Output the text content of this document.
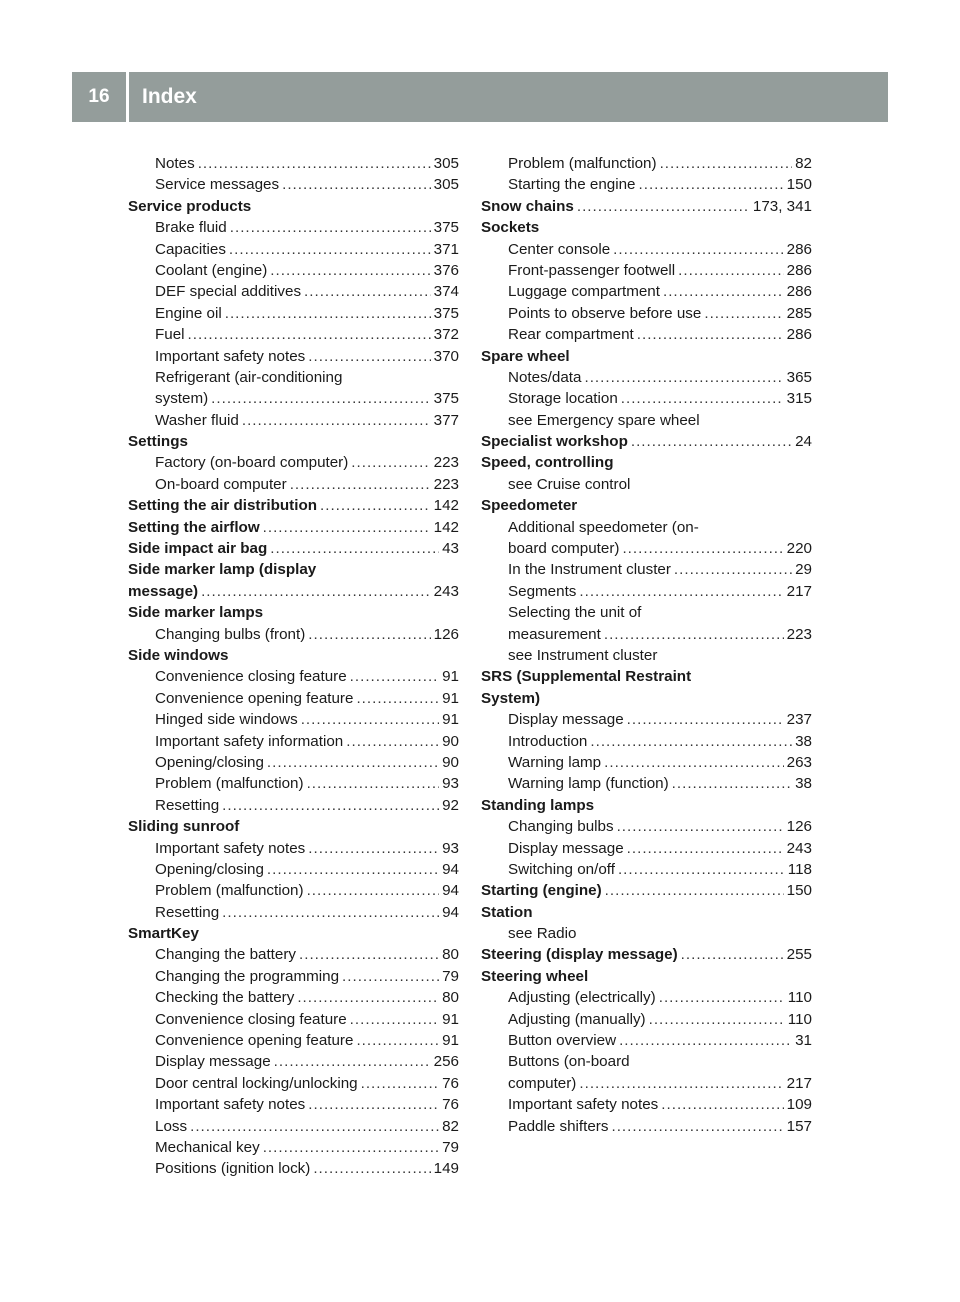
16	Index
Notes .....	305
Service messages .....	305
Service products
Brake fluid .....	375
Capacities .....	371
Coolant (engine) .....	376
DEF special additives .....	374
Engine oil .....	375
Fuel .....	372
Important safety notes .....	370
Refrigerant (air-conditioning
system) .....	375
Washer fluid .....	377
Settings
Factory (on-board computer) .....	223
On-board computer .....	223
Setting the air distribution .....	142
Setting the airflow .....	142
Side impact air bag .....	43
Side marker lamp (display
message) .....	243
Side marker lamps
Changing bulbs (front) .....	126
Side windows
Convenience closing feature .....	91
Convenience opening feature .....	91
Hinged side windows .....	91
Important safety information .....	90
Opening/closing .....	90
Problem (malfunction) .....	93
Resetting .....	92
Sliding sunroof
Important safety notes .....	93
Opening/closing .....	94
Problem (malfunction) .....	94
Resetting .....	94
SmartKey
Changing the battery .....	80
Changing the programming .....	79
Checking the battery .....	80
Convenience closing feature .....	91
Convenience opening feature .....	91
Display message .....	256
Door central locking/unlocking .....	76
Important safety notes .....	76
Loss .....	82
Mechanical key .....	79
Positions (ignition lock) .....	149
Problem (malfunction) .....	82
Starting the engine .....	150
Snow chains .....	173, 341
Sockets
Center console .....	286
Front-passenger footwell .....	286
Luggage compartment .....	286
Points to observe before use .....	285
Rear compartment .....	286
Spare wheel
Notes/data .....	365
Storage location .....	315
see Emergency spare wheel
Specialist workshop .....	24
Speed, controlling
see Cruise control
Speedometer
Additional speedometer (on-
board computer) .....	220
In the Instrument cluster .....	29
Segments .....	217
Selecting the unit of
measurement .....	223
see Instrument cluster
SRS (Supplemental Restraint
System)
Display message .....	237
Introduction .....	38
Warning lamp .....	263
Warning lamp (function) .....	38
Standing lamps
Changing bulbs .....	126
Display message .....	243
Switching on/off .....	118
Starting (engine) .....	150
Station
see Radio
Steering (display message) .....	255
Steering wheel
Adjusting (electrically) .....	110
Adjusting (manually) .....	110
Button overview .....	31
Buttons (on-board
computer) .....	217
Important safety notes .....	109
Paddle shifters .....	157
